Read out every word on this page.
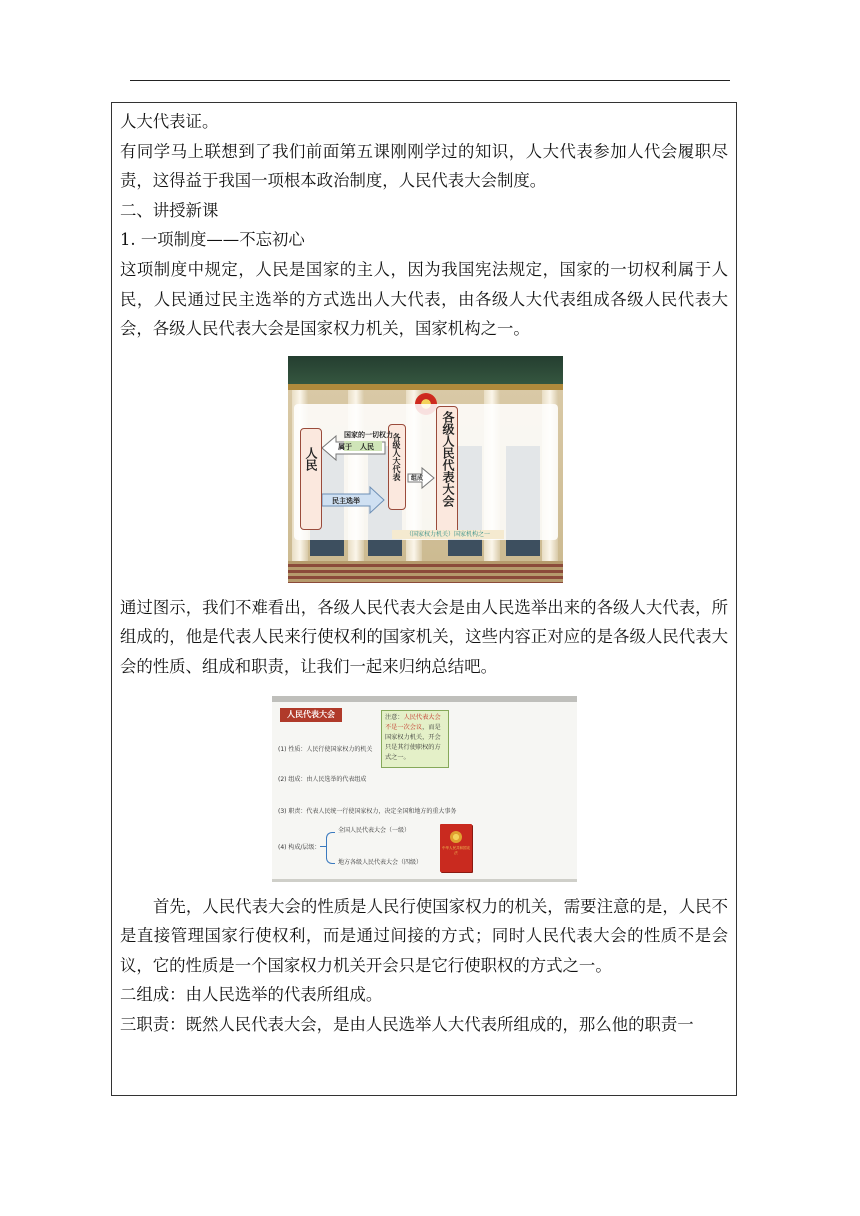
人大代表证。

有同学马上联想到了我们前面第五课刚刚学过的知识，人大代表参加人代会履职尽责，这得益于我国一项根本政治制度，人民代表大会制度。

二、讲授新课

1. 一项制度——不忘初心

这项制度中规定，人民是国家的主人，因为我国宪法规定，国家的一切权利属于人民，人民通过民主选举的方式选出人大代表，由各级人大代表组成各级人民代表大会，各级人民代表大会是国家权力机关，国家机构之一。

人民	各级人大代表	各级人民代表大会
国家的一切权力
属于 人民
民主选举
组成
（国家权力机关）国家机构之一

通过图示，我们不难看出，各级人民代表大会是由人民选举出来的各级人大代表，所组成的，他是代表人民来行使权利的国家机关，这些内容正对应的是各级人民代表大会的性质、组成和职责，让我们一起来归纳总结吧。

人民代表大会
(1) 性质：人民行使国家权力的机关
(2) 组成：由人民选举的代表组成
(3) 职责：代表人民统一行使国家权力，决定全国和地方的重大事务
(4) 构成/层级：
全国人民代表大会（一级）
地方各级人民代表大会（四级）
注意：人民代表大会不是一次会议，而是国家权力机关，开会只是其行使职权的方式之一。
中华人民共和国宪法

首先，人民代表大会的性质是人民行使国家权力的机关，需要注意的是，人民不是直接管理国家行使权利，而是通过间接的方式；同时人民代表大会的性质不是会议，它的性质是一个国家权力机关开会只是它行使职权的方式之一。

二组成：由人民选举的代表所组成。

三职责：既然人民代表大会，是由人民选举人大代表所组成的，那么他的职责一
